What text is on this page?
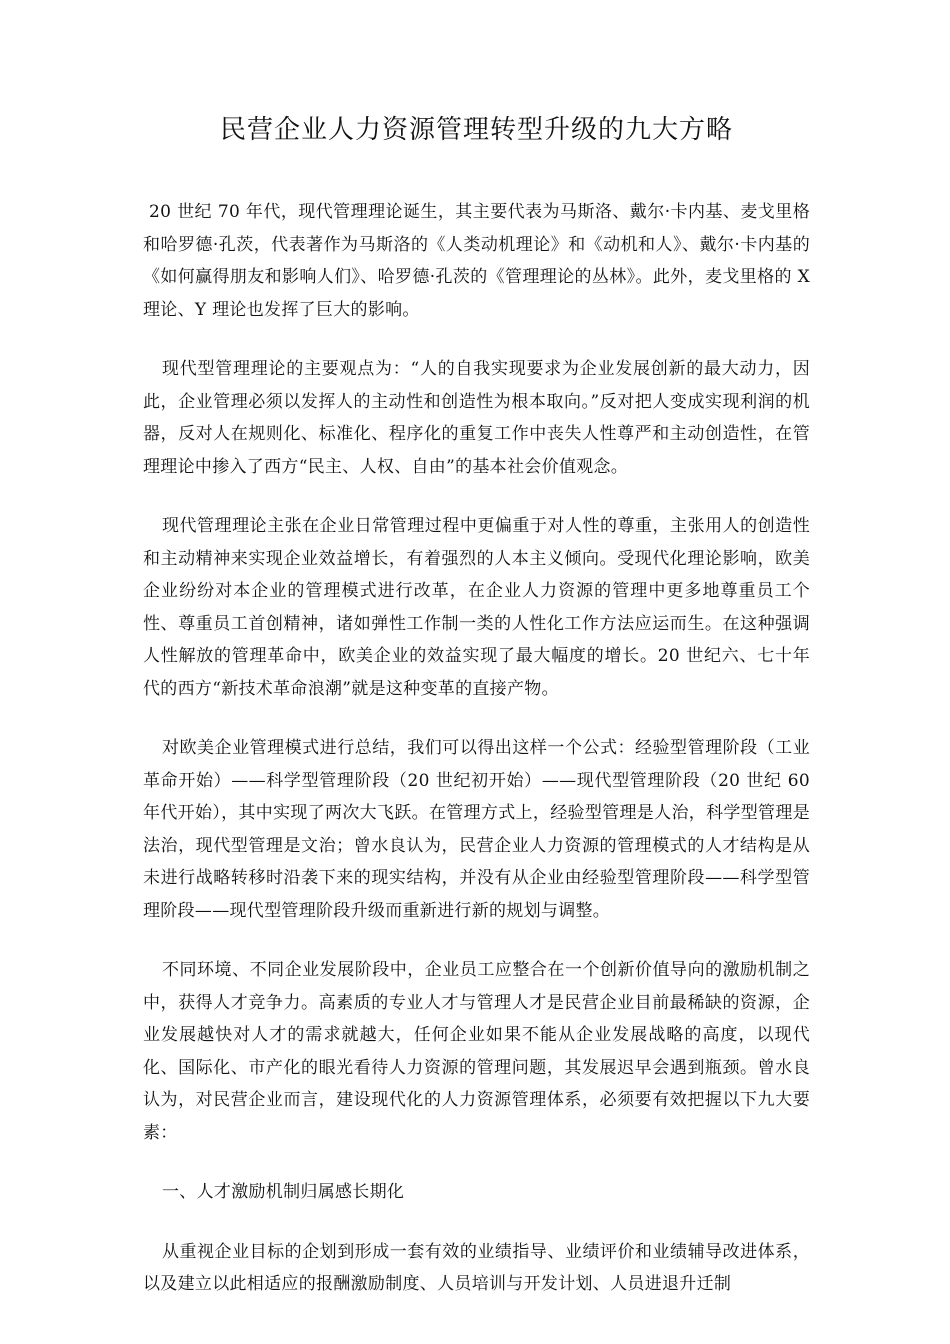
民营企业人力资源管理转型升级的九大方略

20 世纪 70 年代，现代管理理论诞生，其主要代表为马斯洛、戴尔·卡内基、麦戈里格和哈罗德·孔茨，代表著作为马斯洛的《人类动机理论》和《动机和人》、戴尔·卡内基的《如何赢得朋友和影响人们》、哈罗德·孔茨的《管理理论的丛林》。此外，麦戈里格的 X 理论、Y 理论也发挥了巨大的影响。

现代型管理理论的主要观点为：“人的自我实现要求为企业发展创新的最大动力，因此，企业管理必须以发挥人的主动性和创造性为根本取向。”反对把人变成实现利润的机器，反对人在规则化、标准化、程序化的重复工作中丧失人性尊严和主动创造性，在管理理论中掺入了西方“民主、人权、自由”的基本社会价值观念。

现代管理理论主张在企业日常管理过程中更偏重于对人性的尊重，主张用人的创造性和主动精神来实现企业效益增长，有着强烈的人本主义倾向。受现代化理论影响，欧美企业纷纷对本企业的管理模式进行改革，在企业人力资源的管理中更多地尊重员工个性、尊重员工首创精神，诸如弹性工作制一类的人性化工作方法应运而生。在这种强调人性解放的管理革命中，欧美企业的效益实现了最大幅度的增长。20 世纪六、七十年代的西方“新技术革命浪潮”就是这种变革的直接产物。

对欧美企业管理模式进行总结，我们可以得出这样一个公式：经验型管理阶段（工业革命开始）——科学型管理阶段（20 世纪初开始）——现代型管理阶段（20 世纪 60 年代开始），其中实现了两次大飞跃。在管理方式上，经验型管理是人治，科学型管理是法治，现代型管理是文治；曾水良认为，民营企业人力资源的管理模式的人才结构是从未进行战略转移时沿袭下来的现实结构，并没有从企业由经验型管理阶段——科学型管理阶段——现代型管理阶段升级而重新进行新的规划与调整。

不同环境、不同企业发展阶段中，企业员工应整合在一个创新价值导向的激励机制之中，获得人才竞争力。高素质的专业人才与管理人才是民营企业目前最稀缺的资源，企业发展越快对人才的需求就越大，任何企业如果不能从企业发展战略的高度，以现代化、国际化、市产化的眼光看待人力资源的管理问题，其发展迟早会遇到瓶颈。曾水良认为，对民营企业而言，建设现代化的人力资源管理体系，必须要有效把握以下九大要素：

一、人才激励机制归属感长期化

从重视企业目标的企划到形成一套有效的业绩指导、业绩评价和业绩辅导改进体系，以及建立以此相适应的报酬激励制度、人员培训与开发计划、人员进退升迁制
